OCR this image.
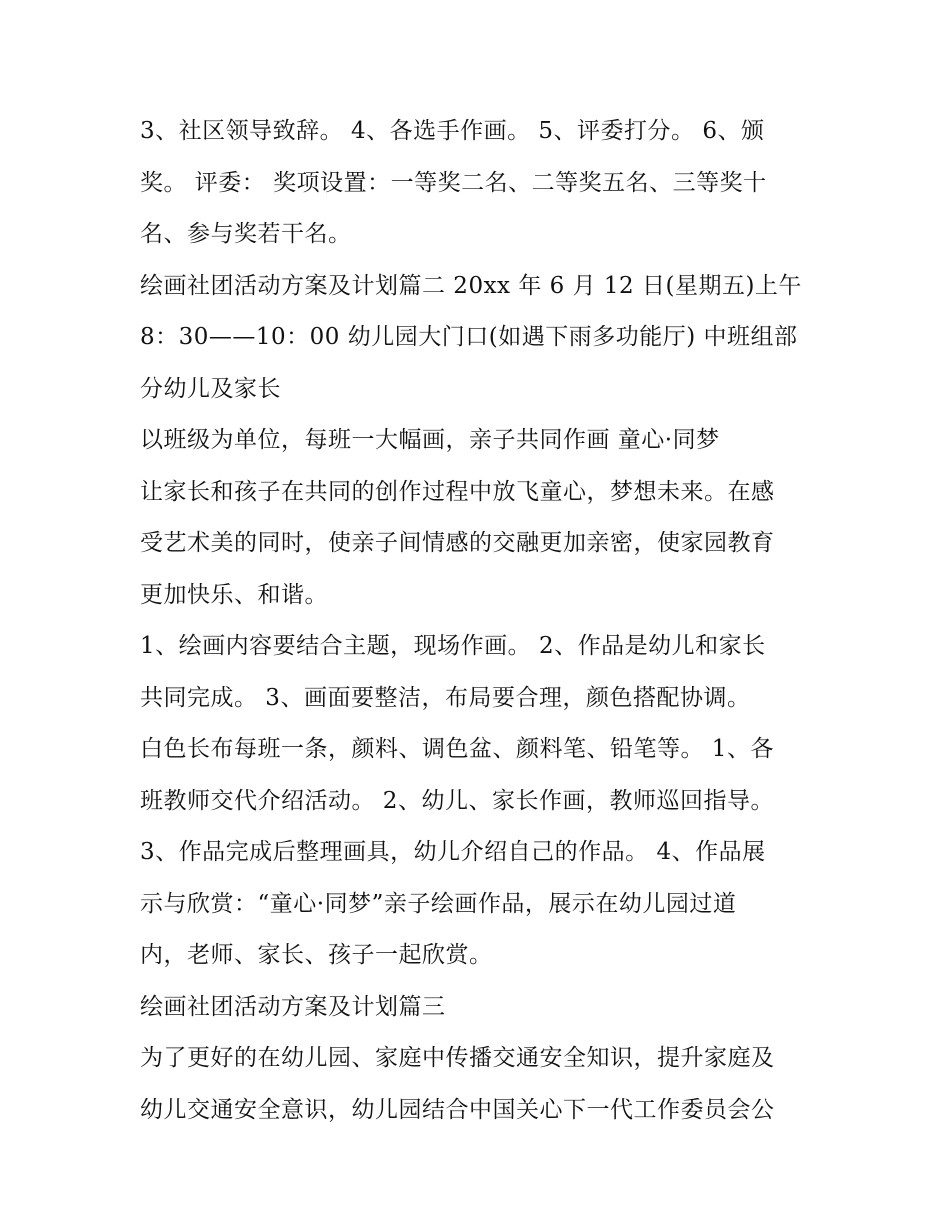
3、社区领导致辞。 4、各选手作画。 5、评委打分。 6、颁
奖。 评委： 奖项设置：一等奖二名、二等奖五名、三等奖十
名、参与奖若干名。
绘画社团活动方案及计划篇二 20xx 年 6 月 12 日(星期五)上午
8：30——10：00 幼儿园大门口(如遇下雨多功能厅) 中班组部
分幼儿及家长
以班级为单位，每班一大幅画，亲子共同作画 童心·同梦
让家长和孩子在共同的创作过程中放飞童心，梦想未来。在感
受艺术美的同时，使亲子间情感的交融更加亲密，使家园教育
更加快乐、和谐。
1、绘画内容要结合主题，现场作画。 2、作品是幼儿和家长
共同完成。 3、画面要整洁，布局要合理，颜色搭配协调。
白色长布每班一条，颜料、调色盆、颜料笔、铅笔等。 1、各
班教师交代介绍活动。 2、幼儿、家长作画，教师巡回指导。
3、作品完成后整理画具，幼儿介绍自己的作品。 4、作品展
示与欣赏：“童心·同梦”亲子绘画作品，展示在幼儿园过道
内，老师、家长、孩子一起欣赏。
绘画社团活动方案及计划篇三
为了更好的在幼儿园、家庭中传播交通安全知识，提升家庭及
幼儿交通安全意识，幼儿园结合中国关心下一代工作委员会公
